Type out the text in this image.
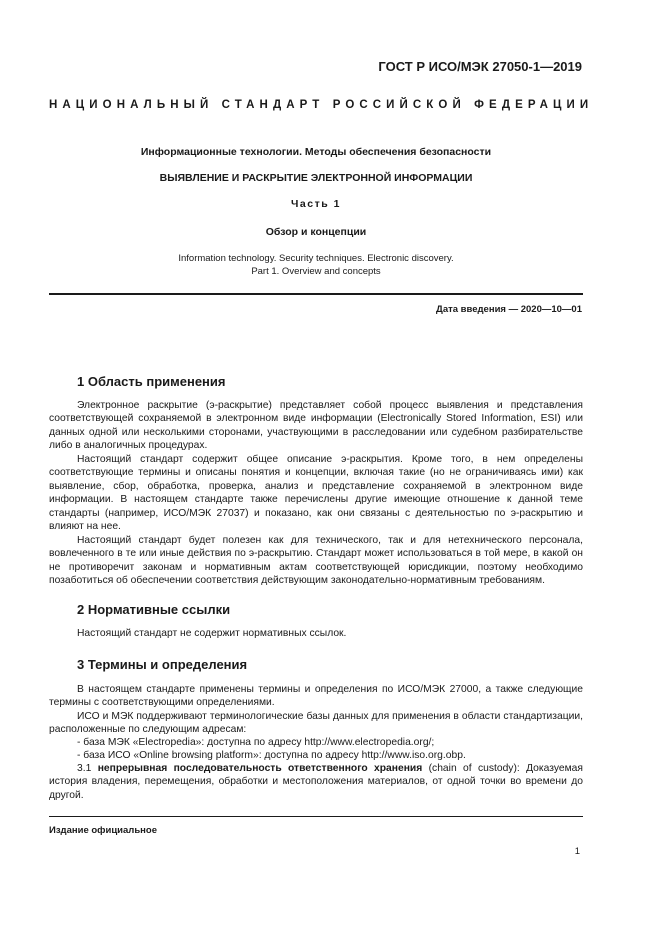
ГОСТ Р ИСО/МЭК 27050-1—2019
НАЦИОНАЛЬНЫЙ СТАНДАРТ РОССИЙСКОЙ ФЕДЕРАЦИИ
Информационные технологии. Методы обеспечения безопасности
ВЫЯВЛЕНИЕ И РАСКРЫТИЕ ЭЛЕКТРОННОЙ ИНФОРМАЦИИ
Часть 1
Обзор и концепции
Information technology. Security techniques. Electronic discovery.
Part 1. Overview and concepts
Дата введения — 2020—10—01
1 Область применения
Электронное раскрытие (э-раскрытие) представляет собой процесс выявления и представления соответствующей сохраняемой в электронном виде информации (Electronically Stored Information, ESI) или данных одной или несколькими сторонами, участвующими в расследовании или судебном разбирательстве либо в аналогичных процедурах.
Настоящий стандарт содержит общее описание э-раскрытия. Кроме того, в нем определены соответствующие термины и описаны понятия и концепции, включая такие (но не ограничиваясь ими) как выявление, сбор, обработка, проверка, анализ и представление сохраняемой в электронном виде информации. В настоящем стандарте также перечислены другие имеющие отношение к данной теме стандарты (например, ИСО/МЭК 27037) и показано, как они связаны с деятельностью по э-раскрытию и влияют на нее.
Настоящий стандарт будет полезен как для технического, так и для нетехнического персонала, вовлеченного в те или иные действия по э-раскрытию. Стандарт может использоваться в той мере, в какой он не противоречит законам и нормативным актам соответствующей юрисдикции, поэтому необходимо позаботиться об обеспечении соответствия действующим законодательно-нормативным требованиям.
2 Нормативные ссылки
Настоящий стандарт не содержит нормативных ссылок.
3 Термины и определения
В настоящем стандарте применены термины и определения по ИСО/МЭК 27000, а также следующие термины с соответствующими определениями.
ИСО и МЭК поддерживают терминологические базы данных для применения в области стандартизации, расположенные по следующим адресам:
- база МЭК «Electropedia»: доступна по адресу http://www.electropedia.org/;
- база ИСО «Online browsing platform»: доступна по адресу http://www.iso.org.obp.
3.1 непрерывная последовательность ответственного хранения (chain of custody): Доказуемая история владения, перемещения, обработки и местоположения материалов, от одной точки во времени до другой.
Издание официальное
1
